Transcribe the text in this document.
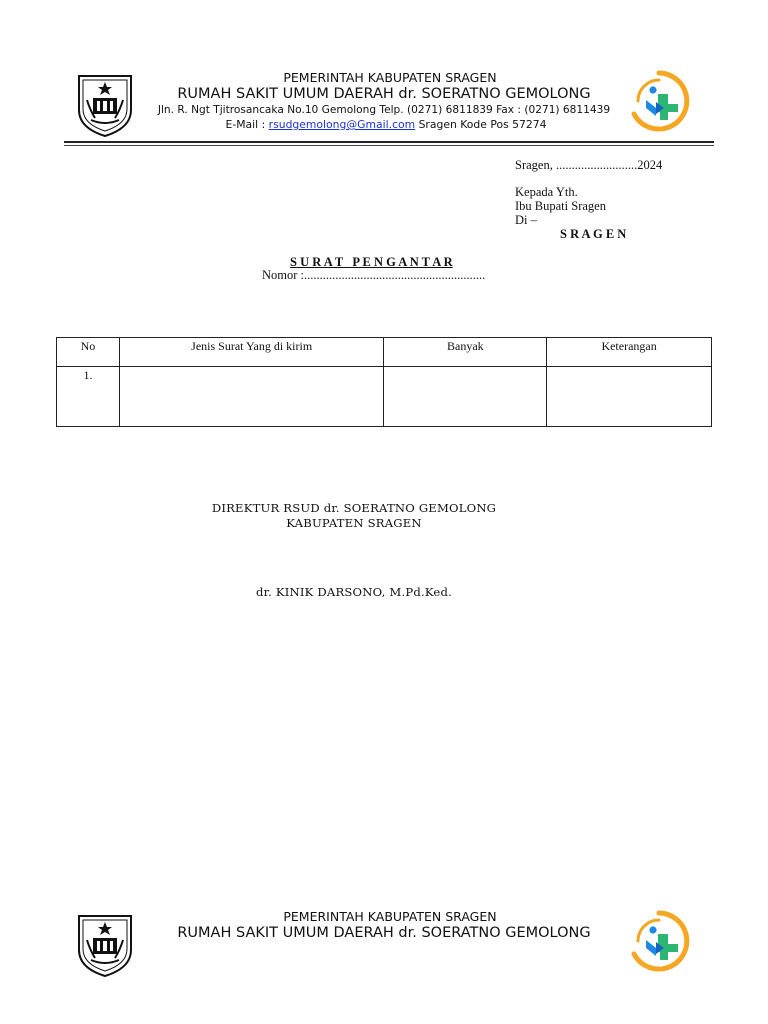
PEMERINTAH KABUPATEN SRAGEN
RUMAH SAKIT UMUM DAERAH dr. SOERATNO GEMOLONG
Jln. R. Ngt Tjitrosancaka No.10 Gemolong Telp. (0271) 6811839 Fax : (0271) 6811439
E-Mail : rsudgemolong@Gmail.com Sragen Kode Pos 57274
Sragen, ..........................2024
Kepada Yth.
Ibu Bupati Sragen
Di –
S R A G E N
S U R A T   P E N G A N T A R
Nomor :..........................................................
No	Jenis Surat Yang di kirim	Banyak	Keterangan
1.			
DIREKTUR RSUD dr. SOERATNO GEMOLONG
KABUPATEN SRAGEN
dr. KINIK DARSONO, M.Pd.Ked.
PEMERINTAH KABUPATEN SRAGEN
RUMAH SAKIT UMUM DAERAH dr. SOERATNO GEMOLONG
